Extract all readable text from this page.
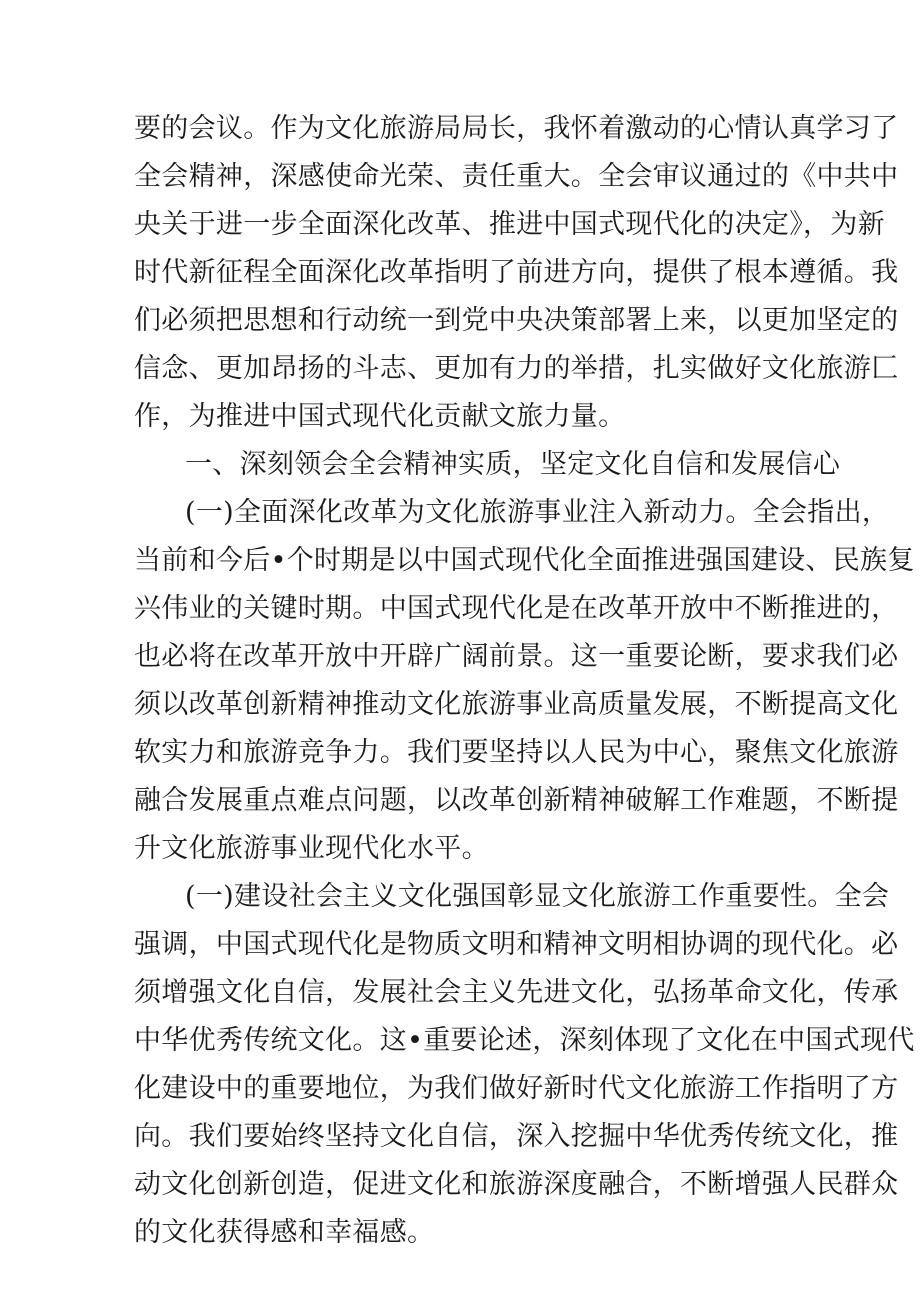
要的会议。作为文化旅游局局长，我怀着激动的心情认真学习了
全会精神，深感使命光荣、责任重大。全会审议通过的《中共中
央关于进一步全面深化改革、推进中国式现代化的决定》，为新
时代新征程全面深化改革指明了前进方向，提供了根本遵循。我
们必须把思想和行动统一到党中央决策部署上来，以更加坚定的
信念、更加昂扬的斗志、更加有力的举措，扎实做好文化旅游匚
作，为推进中国式现代化贡献文旅力量。
一、深刻领会全会精神实质，坚定文化自信和发展信心
(一)全面深化改革为文化旅游事业注入新动力。全会指出，
当前和今后•个时期是以中国式现代化全面推进强国建设、民族复
兴伟业的关键时期。中国式现代化是在改革开放中不断推进的，
也必将在改革开放中开辟广阔前景。这一重要论断，要求我们必
须以改革创新精神推动文化旅游事业高质量发展，不断提高文化
软实力和旅游竞争力。我们要坚持以人民为中心，聚焦文化旅游
融合发展重点难点问题，以改革创新精神破解工作难题，不断提
升文化旅游事业现代化水平。
(一)建设社会主义文化强国彰显文化旅游工作重要性。全会
强调，中国式现代化是物质文明和精神文明相协调的现代化。必
须增强文化自信，发展社会主义先进文化，弘扬革命文化，传承
中华优秀传统文化。这•重要论述，深刻体现了文化在中国式现代
化建设中的重要地位，为我们做好新时代文化旅游工作指明了方
向。我们要始终坚持文化自信，深入挖掘中华优秀传统文化，推
动文化创新创造，促进文化和旅游深度融合，不断增强人民群众
的文化获得感和幸福感。
